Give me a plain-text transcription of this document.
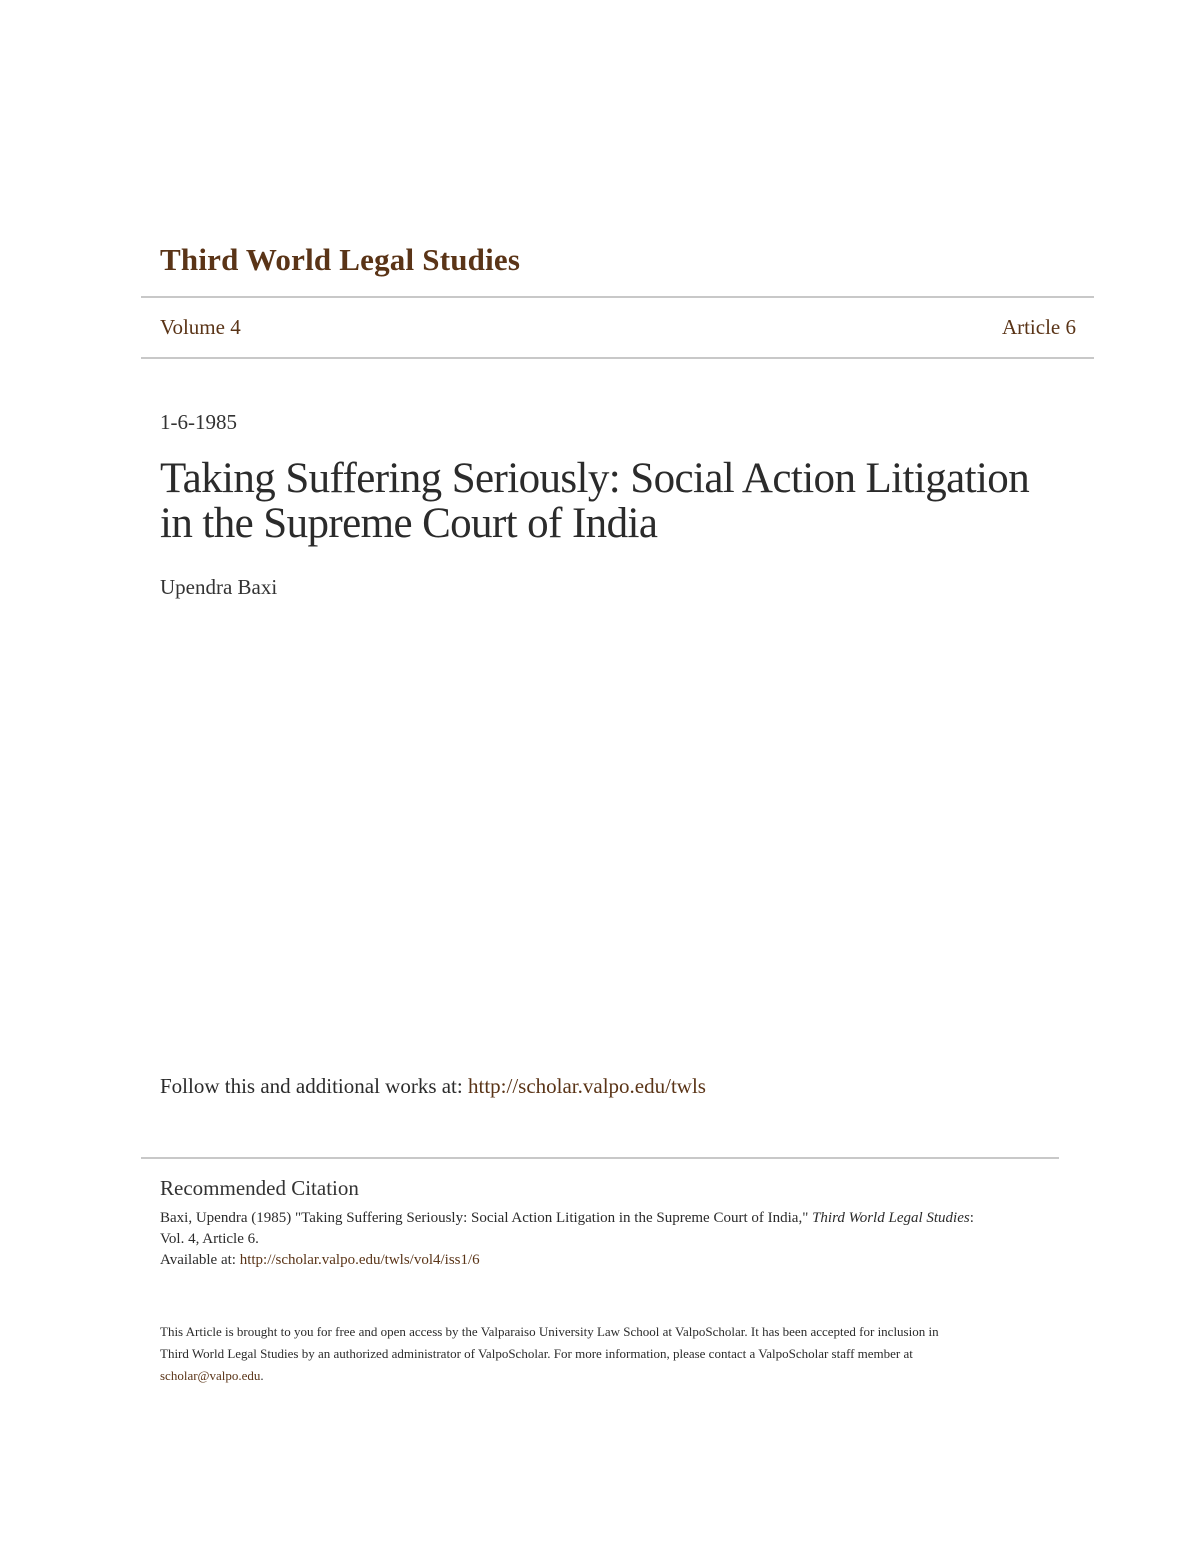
Third World Legal Studies
Volume 4	Article 6
1-6-1985
Taking Suffering Seriously: Social Action Litigation
in the Supreme Court of India
Upendra Baxi
Follow this and additional works at: http://scholar.valpo.edu/twls
Recommended Citation
Baxi, Upendra (1985) "Taking Suffering Seriously: Social Action Litigation in the Supreme Court of India," Third World Legal Studies:
Vol. 4, Article 6.
Available at: http://scholar.valpo.edu/twls/vol4/iss1/6
This Article is brought to you for free and open access by the Valparaiso University Law School at ValpoScholar. It has been accepted for inclusion in
Third World Legal Studies by an authorized administrator of ValpoScholar. For more information, please contact a ValpoScholar staff member at
scholar@valpo.edu.
